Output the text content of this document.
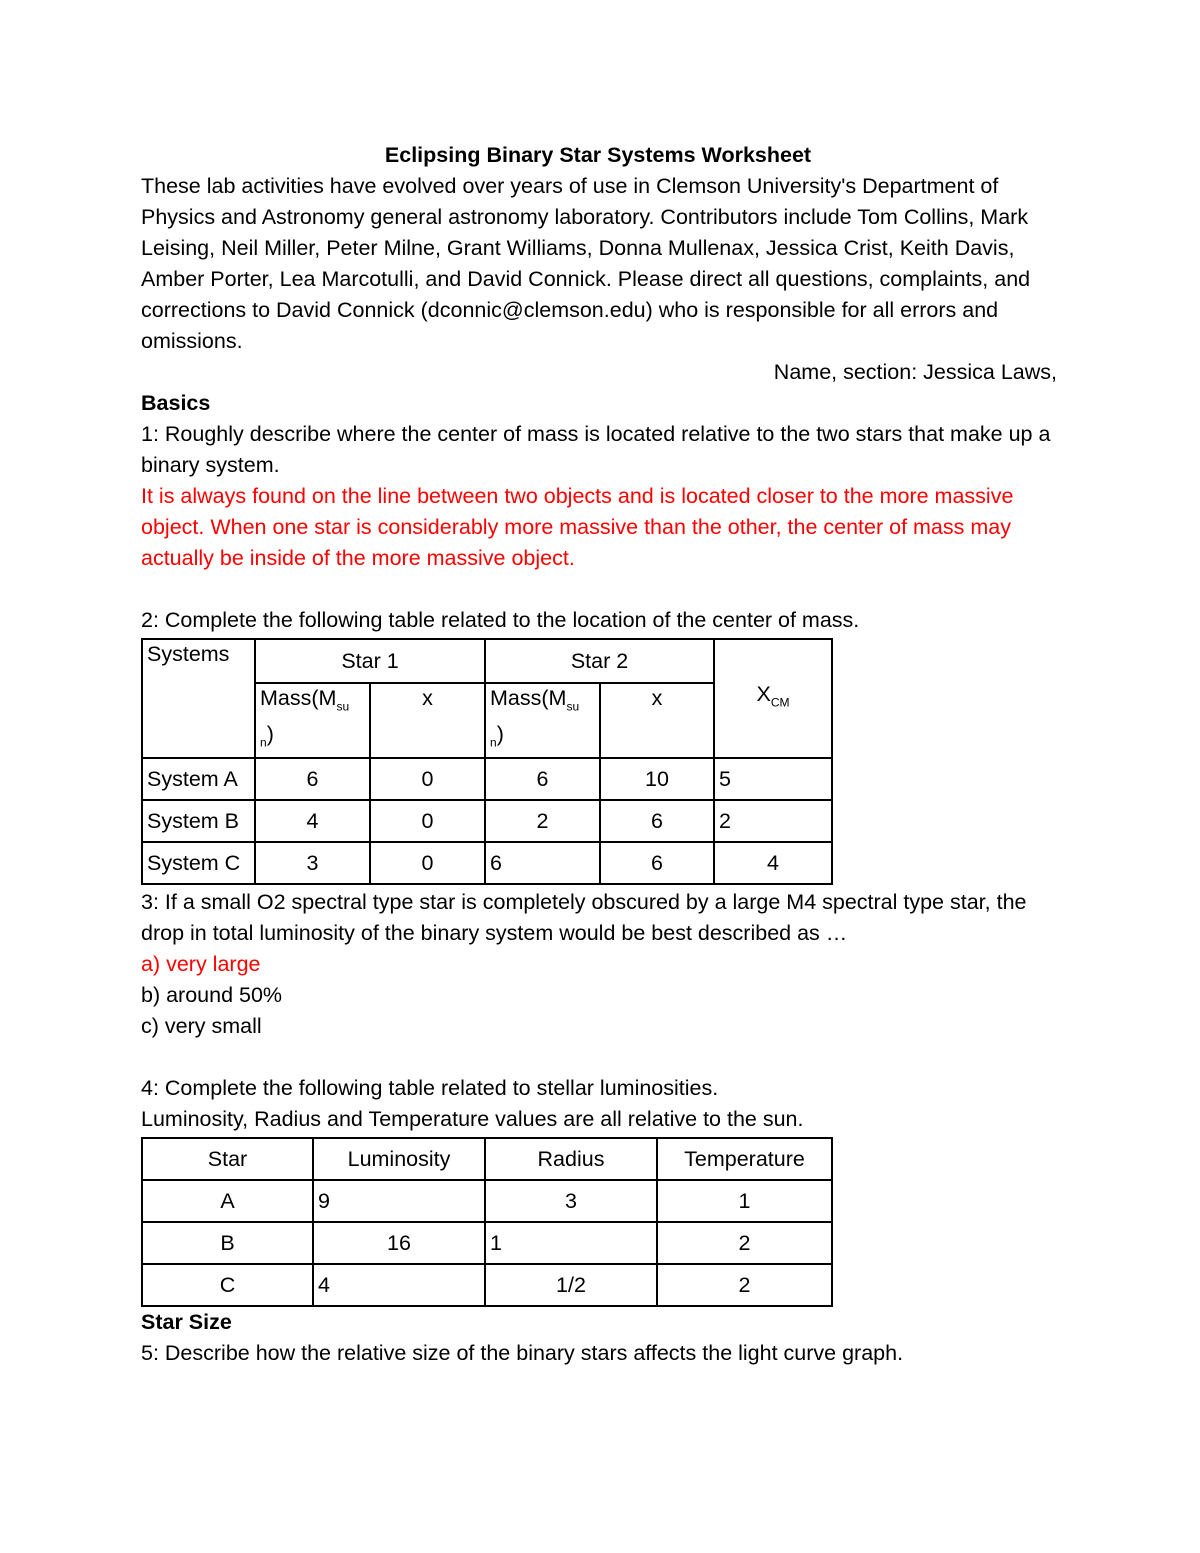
Eclipsing Binary Star Systems Worksheet
These lab activities have evolved over years of use in Clemson University's Department of Physics and Astronomy general astronomy laboratory. Contributors include Tom Collins, Mark Leising, Neil Miller, Peter Milne, Grant Williams, Donna Mullenax, Jessica Crist, Keith Davis, Amber Porter, Lea Marcotulli, and David Connick. Please direct all questions, complaints, and corrections to David Connick (dconnic@clemson.edu) who is responsible for all errors and omissions.
Name, section: Jessica Laws,
Basics
1: Roughly describe where the center of mass is located relative to the two stars that make up a binary system.
It is always found on the line between two objects and is located closer to the more massive object. When one star is considerably more massive than the other, the center of mass may actually be inside of the more massive object.
2: Complete the following table related to the location of the center of mass.
Systems	Star 1		Star 2		$X_{CM}$
	$Mass(M_{su}$
$_n$)	x	$Mass(M_{su}$
$_n$)	x	
System A	6	0	6	10	5
System B	4	0	2	6	2
System C	3	0	6	6	4
3: If a small O2 spectral type star is completely obscured by a large M4 spectral type star, the drop in total luminosity of the binary system would be best described as …
a) very large
b) around 50%
c) very small
4: Complete the following table related to stellar luminosities.
Luminosity, Radius and Temperature values are all relative to the sun.
Star	Luminosity	Radius	Temperature
A	9	3	1
B	16	1	2
C	4	1/2	2
Star Size
5: Describe how the relative size of the binary stars affects the light curve graph.
